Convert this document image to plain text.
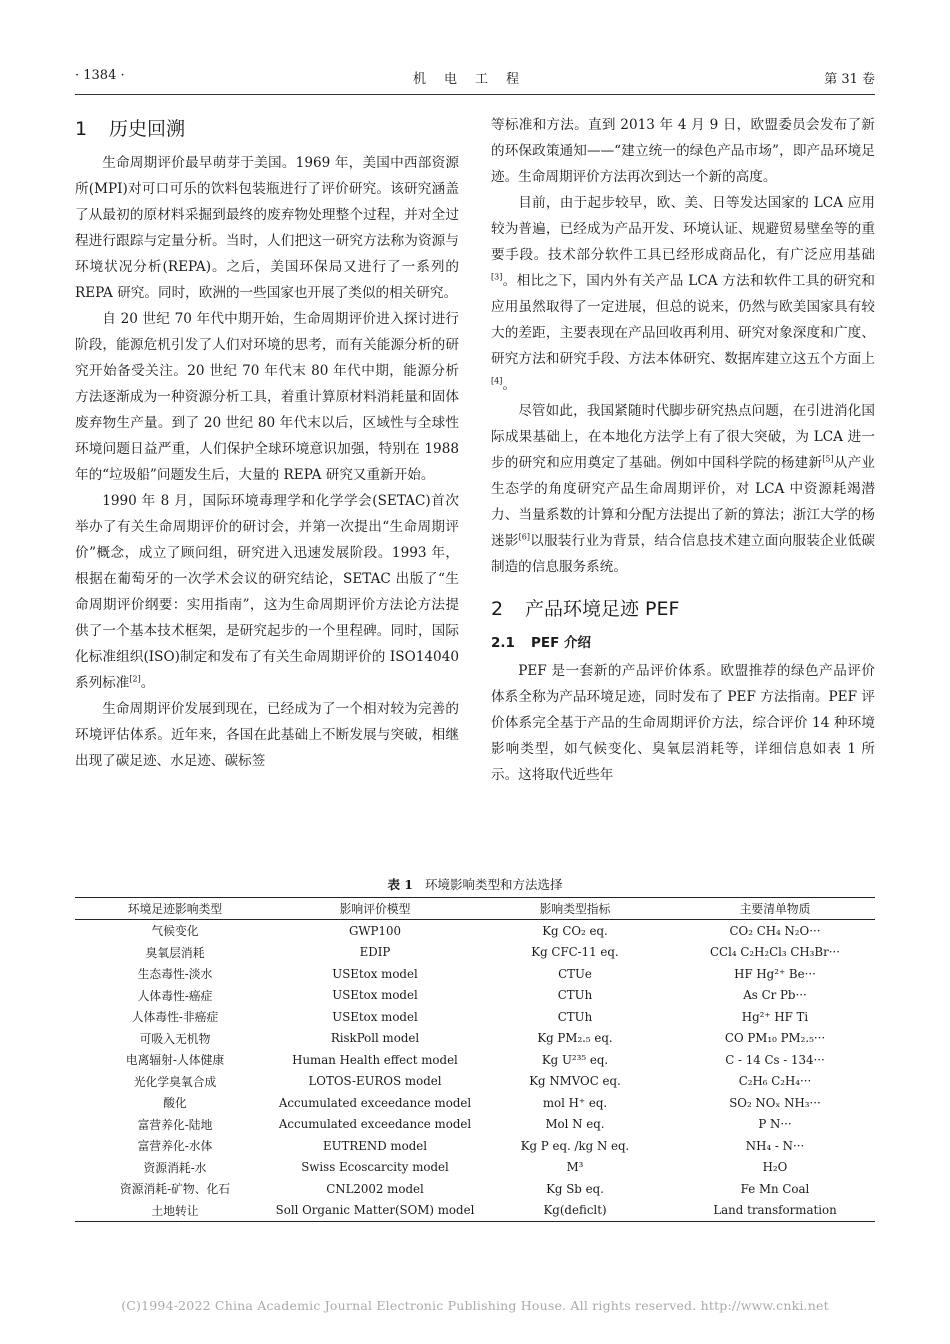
· 1384 ·	机电工程	第 31 卷
1 历史回溯

生命周期评价最早萌芽于美国。1969 年，美国中西部资源所(MPI)对可口可乐的饮料包装瓶进行了评价研究。该研究涵盖了从最初的原材料采掘到最终的废弃物处理整个过程，并对全过程进行跟踪与定量分析。当时，人们把这一研究方法称为资源与环境状况分析(REPA)。之后，美国环保局又进行了一系列的 REPA 研究。同时，欧洲的一些国家也开展了类似的相关研究。

自 20 世纪 70 年代中期开始，生命周期评价进入探讨进行阶段，能源危机引发了人们对环境的思考，而有关能源分析的研究开始备受关注。20 世纪 70 年代末 80 年代中期，能源分析方法逐渐成为一种资源分析工具，着重计算原材料消耗量和固体废弃物生产量。到了 20 世纪 80 年代末以后，区域性与全球性环境问题日益严重，人们保护全球环境意识加强，特别在 1988 年的“垃圾船”问题发生后，大量的 REPA 研究又重新开始。

1990 年 8 月，国际环境毒理学和化学学会(SETAC)首次举办了有关生命周期评价的研讨会，并第一次提出“生命周期评价”概念，成立了顾问组，研究进入迅速发展阶段。1993 年，根据在葡萄牙的一次学术会议的研究结论，SETAC 出版了“生命周期评价纲要：实用指南”，这为生命周期评价方法论方法提供了一个基本技术框架，是研究起步的一个里程碑。同时，国际化标准组织(ISO)制定和发布了有关生命周期评价的 ISO14040 系列标准[2]。

生命周期评价发展到现在，已经成为了一个相对较为完善的环境评估体系。近年来，各国在此基础上不断发展与突破，相继出现了碳足迹、水足迹、碳标签

等标准和方法。直到 2013 年 4 月 9 日，欧盟委员会发布了新的环保政策通知——“建立统一的绿色产品市场”，即产品环境足迹。生命周期评价方法再次到达一个新的高度。

目前，由于起步较早，欧、美、日等发达国家的 LCA 应用较为普遍，已经成为产品开发、环境认证、规避贸易壁垒等的重要手段。技术部分软件工具已经形成商品化，有广泛应用基础[3]。相比之下，国内外有关产品 LCA 方法和软件工具的研究和应用虽然取得了一定进展，但总的说来，仍然与欧美国家具有较大的差距，主要表现在产品回收再利用、研究对象深度和广度、研究方法和研究手段、方法本体研究、数据库建立这五个方面上[4]。

尽管如此，我国紧随时代脚步研究热点问题，在引进消化国际成果基础上，在本地化方法学上有了很大突破，为 LCA 进一步的研究和应用奠定了基础。例如中国科学院的杨建新[5]从产业生态学的角度研究产品生命周期评价，对 LCA 中资源耗竭潜力、当量系数的计算和分配方法提出了新的算法；浙江大学的杨迷影[6]以服装行业为背景，结合信息技术建立面向服装企业低碳制造的信息服务系统。

2 产品环境足迹 PEF
2.1 PEF 介绍

PEF 是一套新的产品评价体系。欧盟推荐的绿色产品评价体系全称为产品环境足迹，同时发布了 PEF 方法指南。PEF 评价体系完全基于产品的生命周期评价方法，综合评价 14 种环境影响类型，如气候变化、臭氧层消耗等，详细信息如表 1 所示。这将取代近些年

表 1 环境影响类型和方法选择
环境足迹影响类型	影响评价模型	影响类型指标	主要清单物质
气候变化	GWP100	Kg CO₂ eq.	CO₂ CH₄ N₂O···
臭氧层消耗	EDIP	Kg CFC-11 eq.	CCl₄ C₂H₂Cl₃ CH₃Br···
生态毒性-淡水	USEtox model	CTUe	HF Hg²⁺ Be···
人体毒性-癌症	USEtox model	CTUh	As Cr Pb···
人体毒性-非癌症	USEtox model	CTUh	Hg²⁺ HF Ti
可吸入无机物	RiskPoll model	Kg PM₂.₅ eq.	CO PM₁₀ PM₂.₅···
电离辐射-人体健康	Human Health effect model	Kg U²³⁵ eq.	C - 14 Cs - 134···
光化学臭氧合成	LOTOS-EUROS model	Kg NMVOC eq.	C₂H₆ C₂H₄···
酸化	Accumulated exceedance model	mol H⁺ eq.	SO₂ NOₓ NH₃···
富营养化-陆地	Accumulated exceedance model	Mol N eq.	P N···
富营养化-水体	EUTREND model	Kg P eq. /kg N eq.	NH₄ - N···
资源消耗-水	Swiss Ecoscarcity model	M³	H₂O
资源消耗-矿物、化石	CNL2002 model	Kg Sb eq.	Fe Mn Coal
土地转让	Soll Organic Matter(SOM) model	Kg(deficlt)	Land transformation
(C)1994-2022 China Academic Journal Electronic Publishing House. All rights reserved. http://www.cnki.net
